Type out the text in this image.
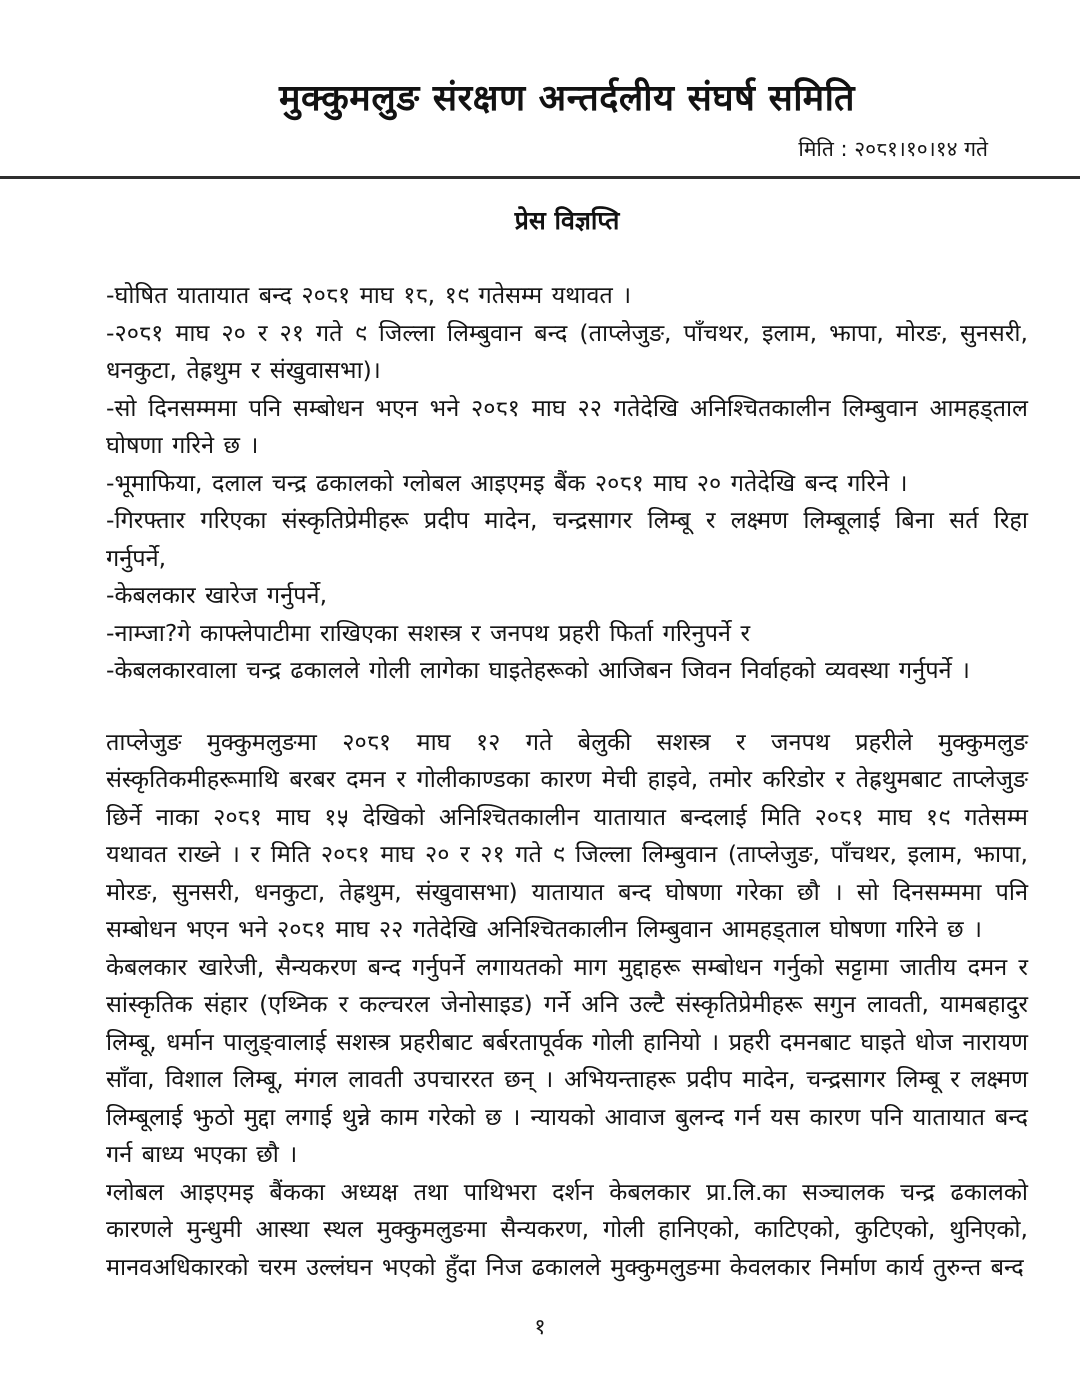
मुक्कुमलुङ संरक्षण अन्तर्दलीय संघर्ष समिति
मिति : २०८१।१०।१४ गते
प्रेस विज्ञप्ति

-घोषित यातायात बन्द २०८१ माघ १८, १९ गतेसम्म यथावत ।

-२०८१ माघ २० र २१ गते ९ जिल्ला लिम्बुवान बन्द (ताप्लेजुङ, पाँचथर, इलाम, झापा, मोरङ, सुनसरी, धनकुटा, तेह्रथुम र संखुवासभा)।

-सो दिनसम्ममा पनि सम्बोधन भएन भने २०८१ माघ २२ गतेदेखि अनिश्चितकालीन लिम्बुवान आमहड्ताल घोषणा गरिने छ ।

-भूमाफिया, दलाल चन्द्र ढकालको ग्लोबल आइएमइ बैंक २०८१ माघ २० गतेदेखि बन्द गरिने ।

-गिरफ्तार गरिएका संस्कृतिप्रेमीहरू प्रदीप मादेन, चन्द्रसागर लिम्बू र लक्ष्मण लिम्बूलाई बिना सर्त रिहा गर्नुपर्ने,

-केबलकार खारेज गर्नुपर्ने,

-नाम्जा?गे काफ्लेपाटीमा राखिएका सशस्त्र र जनपथ प्रहरी फिर्ता गरिनुपर्ने र

-केबलकारवाला चन्द्र ढकालले गोली लागेका घाइतेहरूको आजिबन जिवन निर्वाहको व्यवस्था गर्नुपर्ने ।

ताप्लेजुङ मुक्कुमलुङमा २०८१ माघ १२ गते बेलुकी सशस्त्र र जनपथ प्रहरीले मुक्कुमलुङ संस्कृतिकमीहरूमाथि बरबर दमन र गोलीकाण्डका कारण मेची हाइवे, तमोर करिडोर र तेह्रथुमबाट ताप्लेजुङ छिर्ने नाका २०८१ माघ १५ देखिको अनिश्चितकालीन यातायात बन्दलाई मिति २०८१ माघ १९ गतेसम्म यथावत राख्ने । र मिति २०८१ माघ २० र २१ गते ९ जिल्ला लिम्बुवान (ताप्लेजुङ, पाँचथर, इलाम, झापा, मोरङ, सुनसरी, धनकुटा, तेह्रथुम, संखुवासभा) यातायात बन्द घोषणा गरेका छौ । सो दिनसम्ममा पनि सम्बोधन भएन भने २०८१ माघ २२ गतेदेखि अनिश्चितकालीन लिम्बुवान आमहड्ताल घोषणा गरिने छ ।

केबलकार खारेजी, सैन्यकरण बन्द गर्नुपर्ने लगायतको माग मुद्दाहरू सम्बोधन गर्नुको सट्टामा जातीय दमन र सांस्कृतिक संहार (एथ्निक र कल्चरल जेनोसाइड) गर्ने अनि उल्टै संस्कृतिप्रेमीहरू सगुन लावती, यामबहादुर लिम्बू, धर्मान पालुङ्वालाई सशस्त्र प्रहरीबाट बर्बरतापूर्वक गोली हानियो । प्रहरी दमनबाट घाइते धोज नारायण साँवा, विशाल लिम्बू, मंगल लावती उपचाररत छन् । अभियन्ताहरू प्रदीप मादेन, चन्द्रसागर लिम्बू र लक्ष्मण लिम्बूलाई झुठो मुद्दा लगाई थुन्ने काम गरेको छ । न्यायको आवाज बुलन्द गर्न यस कारण पनि यातायात बन्द गर्न बाध्य भएका छौ ।

ग्लोबल आइएमइ बैंकका अध्यक्ष तथा पाथिभरा दर्शन केबलकार प्रा.लि.का सञ्चालक चन्द्र ढकालको कारणले मुन्धुमी आस्था स्थल मुक्कुमलुङमा सैन्यकरण, गोली हानिएको, काटिएको, कुटिएको, थुनिएको, मानवअधिकारको चरम उल्लंघन भएको हुँदा निज ढकालले मुक्कुमलुङमा केवलकार निर्माण कार्य तुरुन्त बन्द

१
